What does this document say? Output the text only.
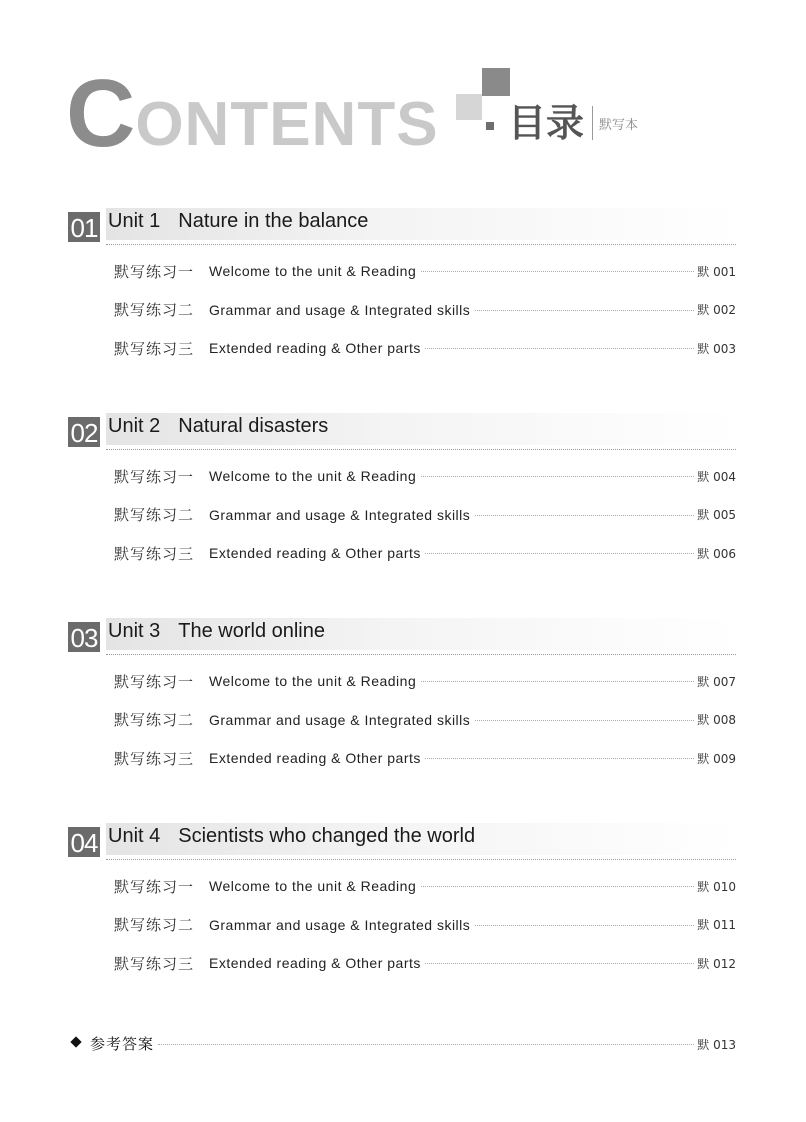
C ONTENTS 目录 默写本
01 Unit 1 Nature in the balance
默写练习一 Welcome to the unit & Reading	默 001
默写练习二 Grammar and usage & Integrated skills	默 002
默写练习三 Extended reading & Other parts	默 003
02 Unit 2 Natural disasters
默写练习一 Welcome to the unit & Reading	默 004
默写练习二 Grammar and usage & Integrated skills	默 005
默写练习三 Extended reading & Other parts	默 006
03 Unit 3 The world online
默写练习一 Welcome to the unit & Reading	默 007
默写练习二 Grammar and usage & Integrated skills	默 008
默写练习三 Extended reading & Other parts	默 009
04 Unit 4 Scientists who changed the world
默写练习一 Welcome to the unit & Reading	默 010
默写练习二 Grammar and usage & Integrated skills	默 011
默写练习三 Extended reading & Other parts	默 012
参考答案	默 013
